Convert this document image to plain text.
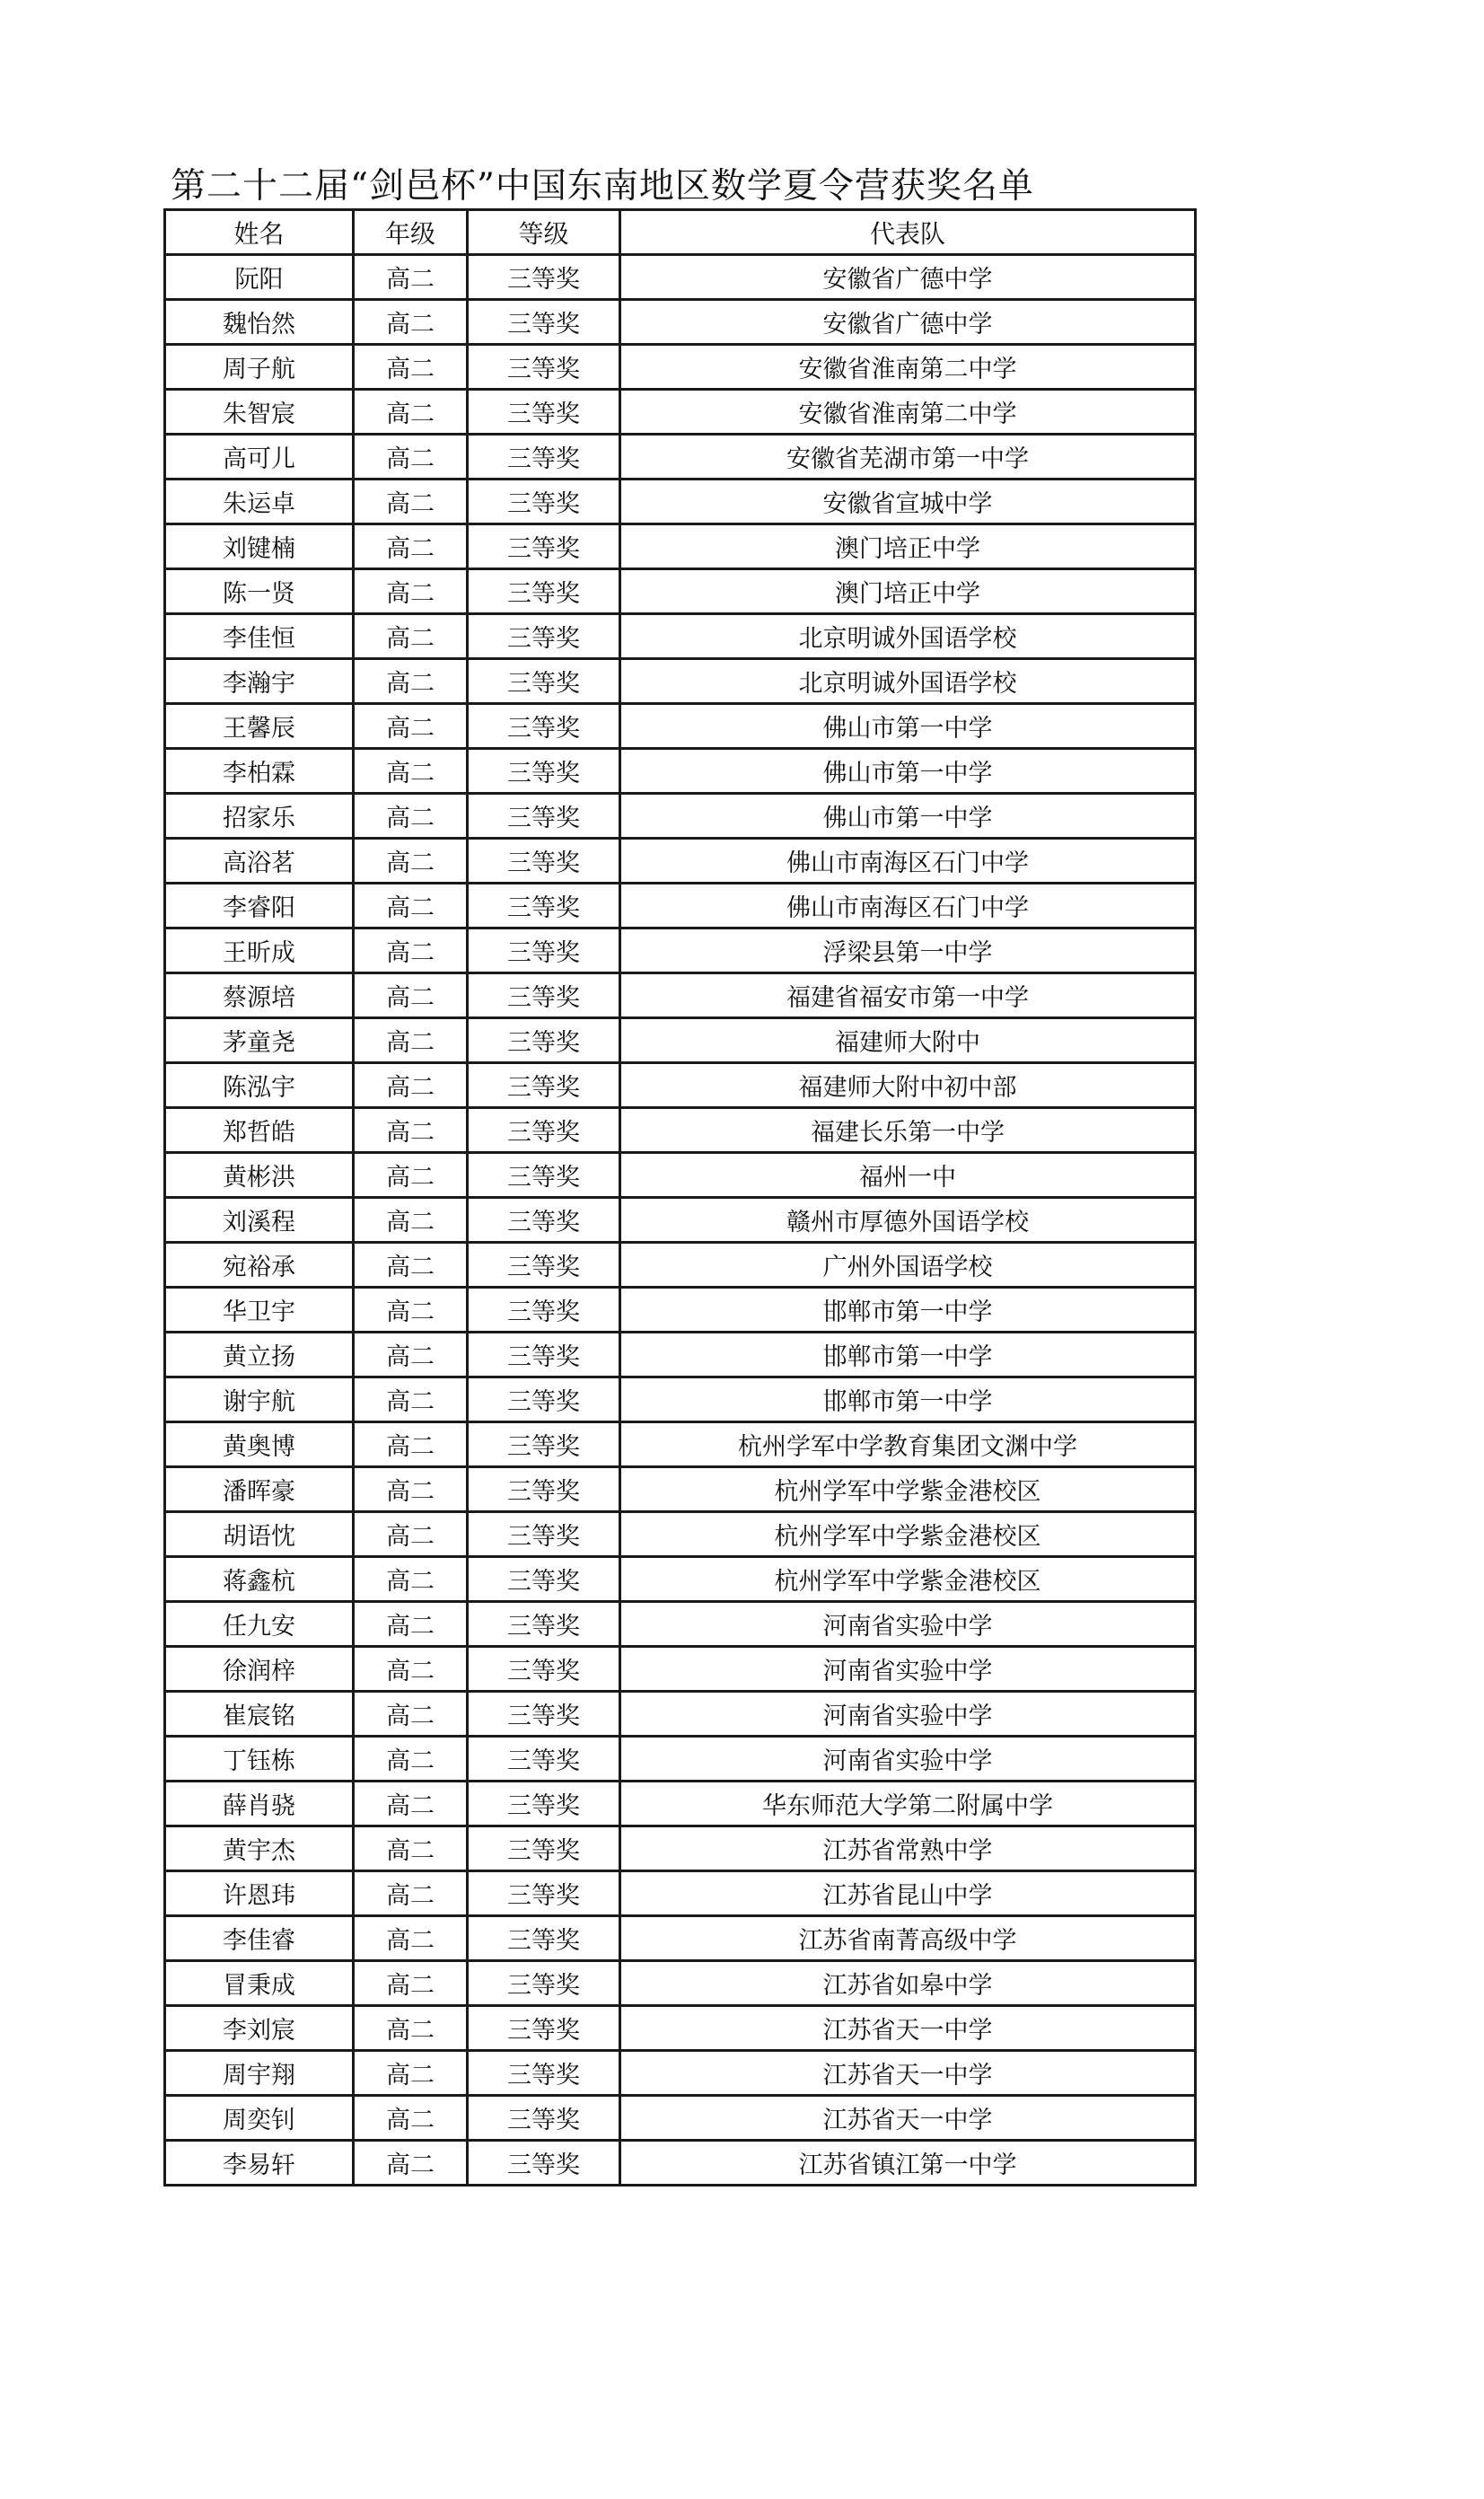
第二十二届“剑邑杯”中国东南地区数学夏令营获奖名单
姓名	年级	等级	代表队
阮阳	高二	三等奖	安徽省广德中学
魏怡然	高二	三等奖	安徽省广德中学
周子航	高二	三等奖	安徽省淮南第二中学
朱智宸	高二	三等奖	安徽省淮南第二中学
高可儿	高二	三等奖	安徽省芜湖市第一中学
朱运卓	高二	三等奖	安徽省宣城中学
刘键楠	高二	三等奖	澳门培正中学
陈一贤	高二	三等奖	澳门培正中学
李佳恒	高二	三等奖	北京明诚外国语学校
李瀚宇	高二	三等奖	北京明诚外国语学校
王馨辰	高二	三等奖	佛山市第一中学
李柏霖	高二	三等奖	佛山市第一中学
招家乐	高二	三等奖	佛山市第一中学
高浴茗	高二	三等奖	佛山市南海区石门中学
李睿阳	高二	三等奖	佛山市南海区石门中学
王昕成	高二	三等奖	浮梁县第一中学
蔡源培	高二	三等奖	福建省福安市第一中学
茅童尧	高二	三等奖	福建师大附中
陈泓宇	高二	三等奖	福建师大附中初中部
郑哲皓	高二	三等奖	福建长乐第一中学
黄彬洪	高二	三等奖	福州一中
刘溪程	高二	三等奖	赣州市厚德外国语学校
宛裕承	高二	三等奖	广州外国语学校
华卫宇	高二	三等奖	邯郸市第一中学
黄立扬	高二	三等奖	邯郸市第一中学
谢宇航	高二	三等奖	邯郸市第一中学
黄奥博	高二	三等奖	杭州学军中学教育集团文渊中学
潘晖豪	高二	三等奖	杭州学军中学紫金港校区
胡语忱	高二	三等奖	杭州学军中学紫金港校区
蒋鑫杭	高二	三等奖	杭州学军中学紫金港校区
任九安	高二	三等奖	河南省实验中学
徐润梓	高二	三等奖	河南省实验中学
崔宸铭	高二	三等奖	河南省实验中学
丁钰栋	高二	三等奖	河南省实验中学
薛肖骁	高二	三等奖	华东师范大学第二附属中学
黄宇杰	高二	三等奖	江苏省常熟中学
许恩玮	高二	三等奖	江苏省昆山中学
李佳睿	高二	三等奖	江苏省南菁高级中学
冒秉成	高二	三等奖	江苏省如皋中学
李刘宸	高二	三等奖	江苏省天一中学
周宇翔	高二	三等奖	江苏省天一中学
周奕钊	高二	三等奖	江苏省天一中学
李易轩	高二	三等奖	江苏省镇江第一中学
